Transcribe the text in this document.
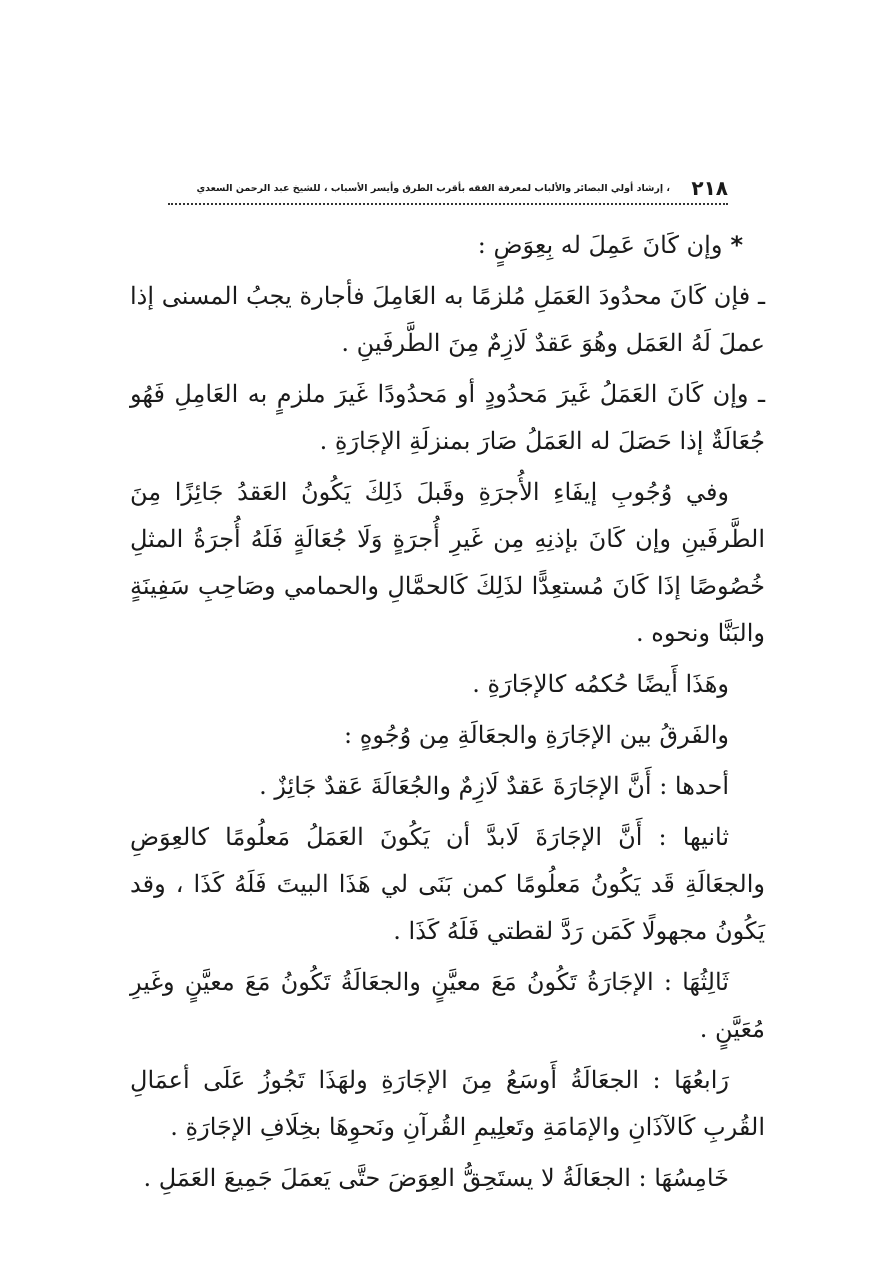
٢١٨
، إرشاد أولي البصائر والألباب لمعرفة الفقه بأقرب الطرق وأيسر الأسباب ، للشيخ عبد الرحمن السعدي

*وإن كَانَ عَمِلَ له بِعِوَضٍ :

ـ فإن كَانَ محدُودَ العَمَلِ مُلزمًا به العَامِلَ فأجارة يجبُ المسنى إذا عملَ لَهُ العَمَل وهُوَ عَقدٌ لَازِمٌ مِنَ الطَّرفَينِ .

ـ وإن كَانَ العَمَلُ غَيرَ مَحدُودٍ أو مَحدُودًا غَيرَ ملزمٍ به العَامِلِ فَهُو جُعَالَةٌ إذا حَصَلَ له العَمَلُ صَارَ بمنزلَةِ الإجَارَةِ .

وفي وُجُوبِ إيفَاءِ الأُجرَةِ وقَبلَ ذَلِكَ يَكُونُ العَقدُ جَائِزًا مِنَ الطَّرفَينِ وإن كَانَ بإذنِهِ مِن غَيرِ أُجرَةٍ وَلَا جُعَالَةٍ فَلَهُ أُجرَةُ المثلِ خُصُوصًا إذَا كَانَ مُستعِدًّا لذَلِكَ كَالحمَّالِ والحمامي وصَاحِبِ سَفِينَةٍ والبَنَّا ونحوه .

وهَذَا أَيضًا حُكمُه كالإجَارَةِ .

والفَرقُ بين الإجَارَةِ والجعَالَةِ مِن وُجُوهٍ :

أحدها : أَنَّ الإجَارَةَ عَقدٌ لَازِمٌ والجُعَالَةَ عَقدٌ جَائِزٌ .

ثانيها : أَنَّ الإجَارَةَ لَابدَّ أن يَكُونَ العَمَلُ مَعلُومًا كالعِوَضِ والجعَالَةِ قَد يَكُونُ مَعلُومًا كمن بَنَى لي هَذَا البيتَ فَلَهُ كَذَا ، وقد يَكُونُ مجهولًا كَمَن رَدَّ لقطتي فَلَهُ كَذَا .

ثَالِثُهَا : الإجَارَةُ تَكُونُ مَعَ معيَّنٍ والجعَالَةُ تَكُونُ مَعَ معيَّنٍ وغَيرِ مُعَيَّنٍ .

رَابعُهَا : الجعَالَةُ أَوسَعُ مِنَ الإجَارَةِ ولهَذَا تَجُوزُ عَلَى أعمَالِ القُربِ كَالآذَانِ والإمَامَةِ وتَعلِيمِ القُرآنِ ونَحوِهَا بخِلَافِ الإجَارَةِ .

خَامِسُهَا : الجعَالَةُ لا يستَحِقُّ العِوَضَ حتَّى يَعمَلَ جَمِيعَ العَمَلِ .
